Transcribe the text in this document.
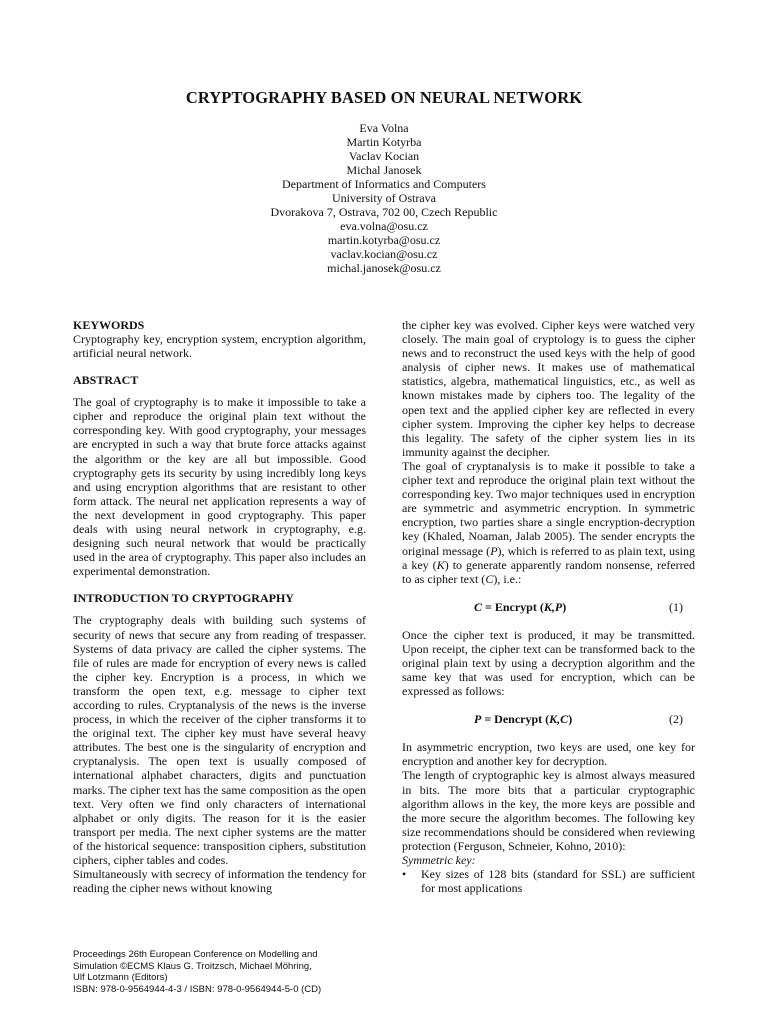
CRYPTOGRAPHY BASED ON NEURAL NETWORK
Eva Volna
Martin Kotyrba
Vaclav Kocian
Michal Janosek
Department of Informatics and Computers
University of Ostrava
Dvorakova 7, Ostrava, 702 00, Czech Republic
eva.volna@osu.cz
martin.kotyrba@osu.cz
vaclav.kocian@osu.cz
michal.janosek@osu.cz

KEYWORDS

Cryptography key, encryption system, encryption algorithm, artificial neural network.

ABSTRACT

The goal of cryptography is to make it impossible to take a cipher and reproduce the original plain text without the corresponding key. With good cryptography, your messages are encrypted in such a way that brute force attacks against the algorithm or the key are all but impossible. Good cryptography gets its security by using incredibly long keys and using encryption algorithms that are resistant to other form attack. The neural net application represents a way of the next development in good cryptography. This paper deals with using neural network in cryptography, e.g. designing such neural network that would be practically used in the area of cryptography. This paper also includes an experimental demonstration.

INTRODUCTION TO CRYPTOGRAPHY

The cryptography deals with building such systems of security of news that secure any from reading of trespasser. Systems of data privacy are called the cipher systems. The file of rules are made for encryption of every news is called the cipher key. Encryption is a process, in which we transform the open text, e.g. message to cipher text according to rules. Cryptanalysis of the news is the inverse process, in which the receiver of the cipher transforms it to the original text. The cipher key must have several heavy attributes. The best one is the singularity of encryption and cryptanalysis. The open text is usually composed of international alphabet characters, digits and punctuation marks. The cipher text has the same composition as the open text. Very often we find only characters of international alphabet or only digits. The reason for it is the easier transport per media. The next cipher systems are the matter of the historical sequence: transposition ciphers, substitution ciphers, cipher tables and codes.

Simultaneously with secrecy of information the tendency for reading the cipher news without knowing

the cipher key was evolved. Cipher keys were watched very closely. The main goal of cryptology is to guess the cipher news and to reconstruct the used keys with the help of good analysis of cipher news. It makes use of mathematical statistics, algebra, mathematical linguistics, etc., as well as known mistakes made by ciphers too. The legality of the open text and the applied cipher key are reflected in every cipher system. Improving the cipher key helps to decrease this legality. The safety of the cipher system lies in its immunity against the decipher.

The goal of cryptanalysis is to make it possible to take a cipher text and reproduce the original plain text without the corresponding key. Two major techniques used in encryption are symmetric and asymmetric encryption. In symmetric encryption, two parties share a single encryption-decryption key (Khaled, Noaman, Jalab 2005). The sender encrypts the original message (P), which is referred to as plain text, using a key (K) to generate apparently random nonsense, referred to as cipher text (C), i.e.:

C = Encrypt (K,P)	(1)

Once the cipher text is produced, it may be transmitted. Upon receipt, the cipher text can be transformed back to the original plain text by using a decryption algorithm and the same key that was used for encryption, which can be expressed as follows:

P = Dencrypt (K,C)	(2)

In asymmetric encryption, two keys are used, one key for encryption and another key for decryption.

The length of cryptographic key is almost always measured in bits. The more bits that a particular cryptographic algorithm allows in the key, the more keys are possible and the more secure the algorithm becomes. The following key size recommendations should be considered when reviewing protection (Ferguson, Schneier, Kohno, 2010):

Symmetric key:

• Key sizes of 128 bits (standard for SSL) are sufficient for most applications
Proceedings 26th European Conference on Modelling and
Simulation ©ECMS Klaus G. Troitzsch, Michael Möhring,
Ulf Lotzmann (Editors)
ISBN: 978-0-9564944-4-3 / ISBN: 978-0-9564944-5-0 (CD)
